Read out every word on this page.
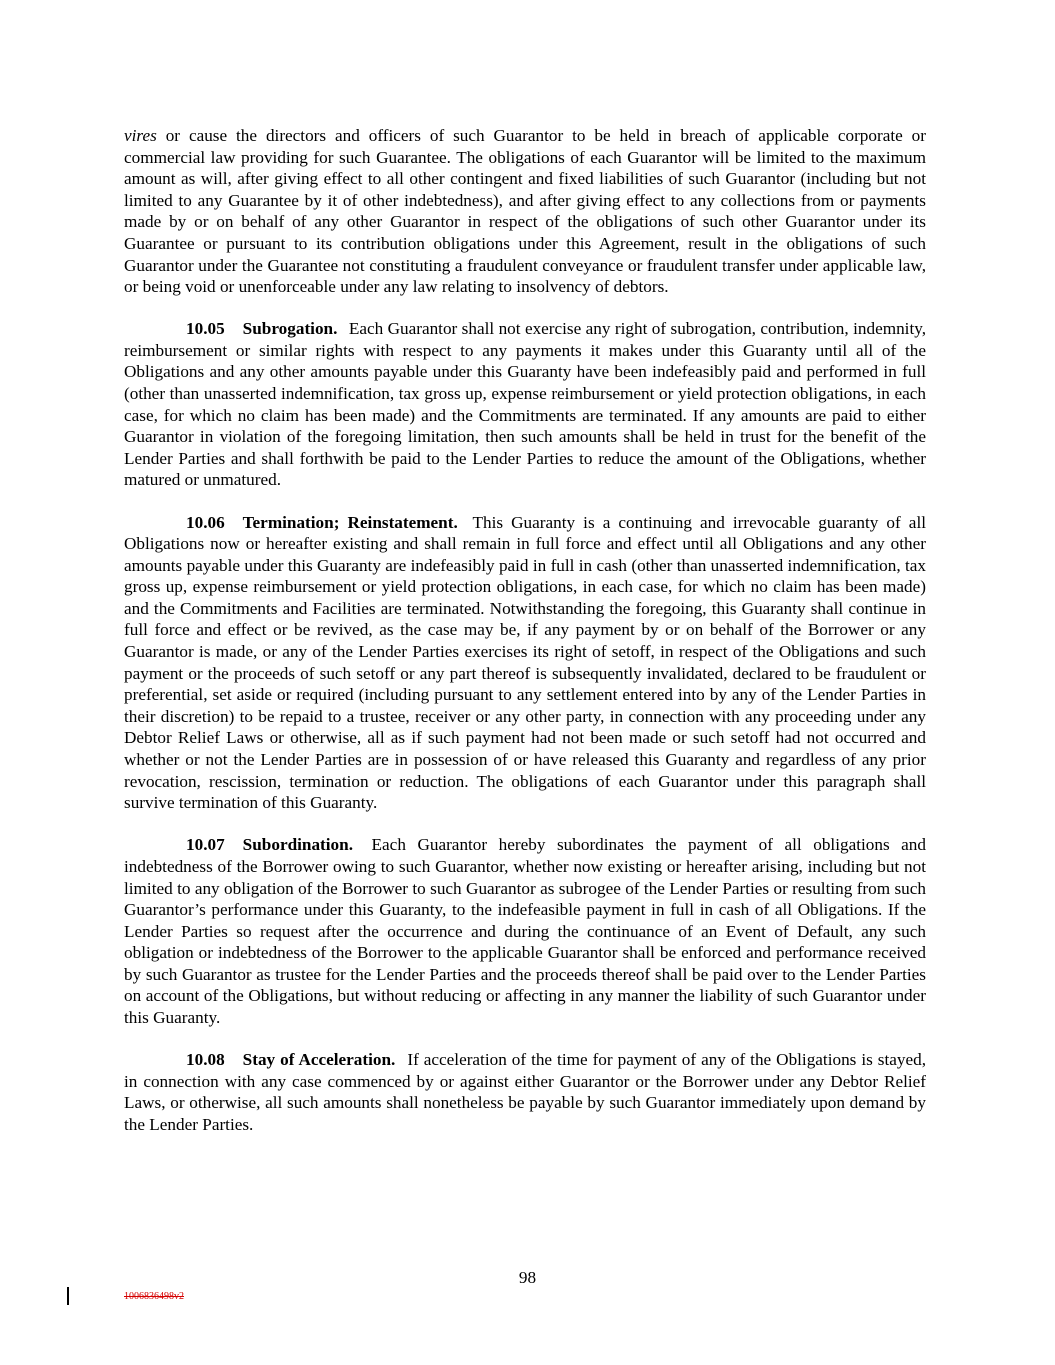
vires or cause the directors and officers of such Guarantor to be held in breach of applicable corporate or commercial law providing for such Guarantee. The obligations of each Guarantor will be limited to the maximum amount as will, after giving effect to all other contingent and fixed liabilities of such Guarantor (including but not limited to any Guarantee by it of other indebtedness), and after giving effect to any collections from or payments made by or on behalf of any other Guarantor in respect of the obligations of such other Guarantor under its Guarantee or pursuant to its contribution obligations under this Agreement, result in the obligations of such Guarantor under the Guarantee not constituting a fraudulent conveyance or fraudulent transfer under applicable law, or being void or unenforceable under any law relating to insolvency of debtors.

10.05 Subrogation. Each Guarantor shall not exercise any right of subrogation, contribution, indemnity, reimbursement or similar rights with respect to any payments it makes under this Guaranty until all of the Obligations and any other amounts payable under this Guaranty have been indefeasibly paid and performed in full (other than unasserted indemnification, tax gross up, expense reimbursement or yield protection obligations, in each case, for which no claim has been made) and the Commitments are terminated. If any amounts are paid to either Guarantor in violation of the foregoing limitation, then such amounts shall be held in trust for the benefit of the Lender Parties and shall forthwith be paid to the Lender Parties to reduce the amount of the Obligations, whether matured or unmatured.

10.06 Termination; Reinstatement. This Guaranty is a continuing and irrevocable guaranty of all Obligations now or hereafter existing and shall remain in full force and effect until all Obligations and any other amounts payable under this Guaranty are indefeasibly paid in full in cash (other than unasserted indemnification, tax gross up, expense reimbursement or yield protection obligations, in each case, for which no claim has been made) and the Commitments and Facilities are terminated. Notwithstanding the foregoing, this Guaranty shall continue in full force and effect or be revived, as the case may be, if any payment by or on behalf of the Borrower or any Guarantor is made, or any of the Lender Parties exercises its right of setoff, in respect of the Obligations and such payment or the proceeds of such setoff or any part thereof is subsequently invalidated, declared to be fraudulent or preferential, set aside or required (including pursuant to any settlement entered into by any of the Lender Parties in their discretion) to be repaid to a trustee, receiver or any other party, in connection with any proceeding under any Debtor Relief Laws or otherwise, all as if such payment had not been made or such setoff had not occurred and whether or not the Lender Parties are in possession of or have released this Guaranty and regardless of any prior revocation, rescission, termination or reduction. The obligations of each Guarantor under this paragraph shall survive termination of this Guaranty.

10.07 Subordination. Each Guarantor hereby subordinates the payment of all obligations and indebtedness of the Borrower owing to such Guarantor, whether now existing or hereafter arising, including but not limited to any obligation of the Borrower to such Guarantor as subrogee of the Lender Parties or resulting from such Guarantor’s performance under this Guaranty, to the indefeasible payment in full in cash of all Obligations. If the Lender Parties so request after the occurrence and during the continuance of an Event of Default, any such obligation or indebtedness of the Borrower to the applicable Guarantor shall be enforced and performance received by such Guarantor as trustee for the Lender Parties and the proceeds thereof shall be paid over to the Lender Parties on account of the Obligations, but without reducing or affecting in any manner the liability of such Guarantor under this Guaranty.

10.08 Stay of Acceleration. If acceleration of the time for payment of any of the Obligations is stayed, in connection with any case commenced by or against either Guarantor or the Borrower under any Debtor Relief Laws, or otherwise, all such amounts shall nonetheless be payable by such Guarantor immediately upon demand by the Lender Parties.

98
1006836498v2
